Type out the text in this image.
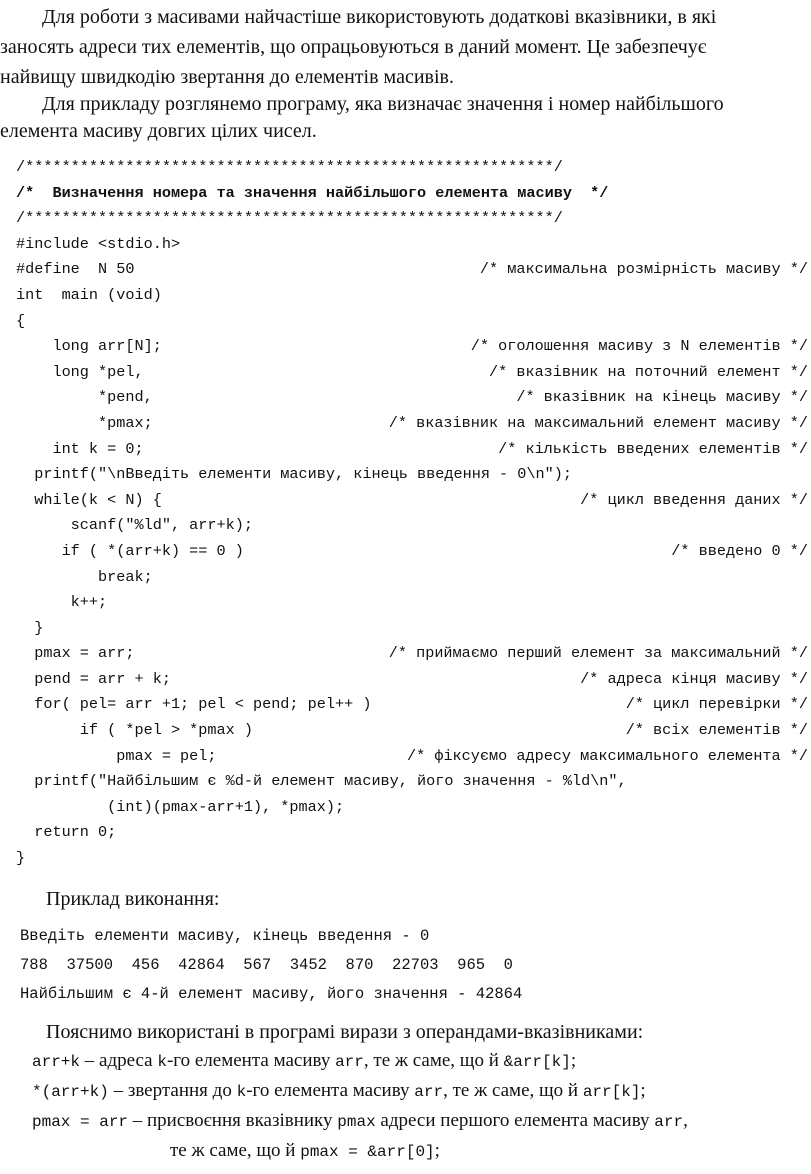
Для роботи з масивами найчастіше використовують додаткові вказівники, в які
заносять адреси тих елементів, що опрацьовуються в даний момент. Це забезпечує
найвищу швидкодію звертання до елементів масивів.
Для прикладу розглянемо програму, яка визначає значення і номер найбільшого
елемента масиву довгих цілих чисел.
/**********************************************************/
/*  Визначення номера та значення найбільшого елемента масиву  */
/**********************************************************/
#include <stdio.h>
#define  N 50	/* максимальна розмірність масиву */
int  main (void)
{
long arr[N];	/* оголошення масиву з N елементів */
long *pel,	/* вказівник на поточний елемент */
*pend,	/* вказівник на кінець масиву */
*pmax;	/* вказівник на максимальний елемент масиву */
int k = 0;	/* кількість введених елементів */
printf("\nВведіть елементи масиву, кінець введення - 0\n");
while(k < N) {	/* цикл введення даних */
scanf("%ld", arr+k);
if ( *(arr+k) == 0 )	/* введено 0 */
break;
k++;
}
pmax = arr;	/* приймаємо перший елемент за максимальний */
pend = arr + k;	/* адреса кінця масиву */
for( pel= arr +1; pel < pend; pel++ )	/* цикл перевірки */
if ( *pel > *pmax )	/* всіх елементів */
pmax = pel;	/* фіксуємо адресу максимального елемента */
printf("Найбільшим є %d-й елемент масиву, його значення - %ld\n",
(int)(pmax-arr+1), *pmax);
return 0;
}
Приклад виконання:
Введіть елементи масиву, кінець введення - 0
788  37500  456  42864  567  3452  870  22703  965  0
Найбільшим є 4-й елемент масиву, його значення - 42864
Пояснимо використані в програмі вирази з операндами-вказівниками:
arr+k – адреса k-го елемента масиву arr, те ж саме, що й &arr[k];
*(arr+k) – звертання до k-го елемента масиву arr, те ж саме, що й arr[k];
pmax = arr – присвоєння вказівнику pmax адреси першого елемента масиву arr,
те ж саме, що й pmax = &arr[0];
